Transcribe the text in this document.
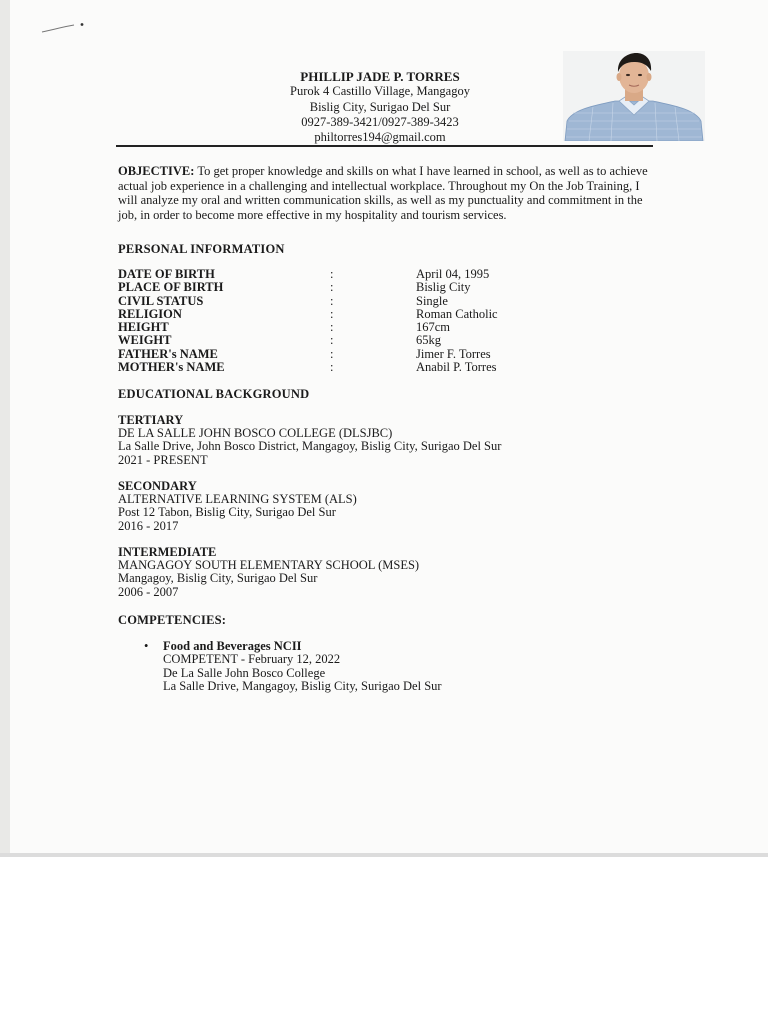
PHILLIP JADE P. TORRES
Purok 4 Castillo Village, Mangagoy
Bislig City, Surigao Del Sur
0927-389-3421/0927-389-3423
philtorres194@gmail.com
OBJECTIVE: To get proper knowledge and skills on what I have learned in school, as well as to achieve actual job experience in a challenging and intellectual workplace. Throughout my On the Job Training, I will analyze my oral and written communication skills, as well as my punctuality and commitment in the job, in order to become more effective in my hospitality and tourism services.
PERSONAL INFORMATION
DATE OF BIRTH	:	April 04, 1995
PLACE OF BIRTH	:	Bislig City
CIVIL STATUS	:	Single
RELIGION	:	Roman Catholic
HEIGHT	:	167cm
WEIGHT	:	65kg
FATHER's NAME	:	Jimer F. Torres
MOTHER's NAME	:	Anabil P. Torres
EDUCATIONAL BACKGROUND
TERTIARY
DE LA SALLE JOHN BOSCO COLLEGE (DLSJBC)
La Salle Drive, John Bosco District, Mangagoy, Bislig City, Surigao Del Sur
2021 - PRESENT
SECONDARY
ALTERNATIVE LEARNING SYSTEM (ALS)
Post 12 Tabon, Bislig City, Surigao Del Sur
2016 - 2017
INTERMEDIATE
MANGAGOY SOUTH ELEMENTARY SCHOOL (MSES)
Mangagoy, Bislig City, Surigao Del Sur
2006 - 2007
COMPETENCIES:
• Food and Beverages NCII
COMPETENT - February 12, 2022
De La Salle John Bosco College
La Salle Drive, Mangagoy, Bislig City, Surigao Del Sur
